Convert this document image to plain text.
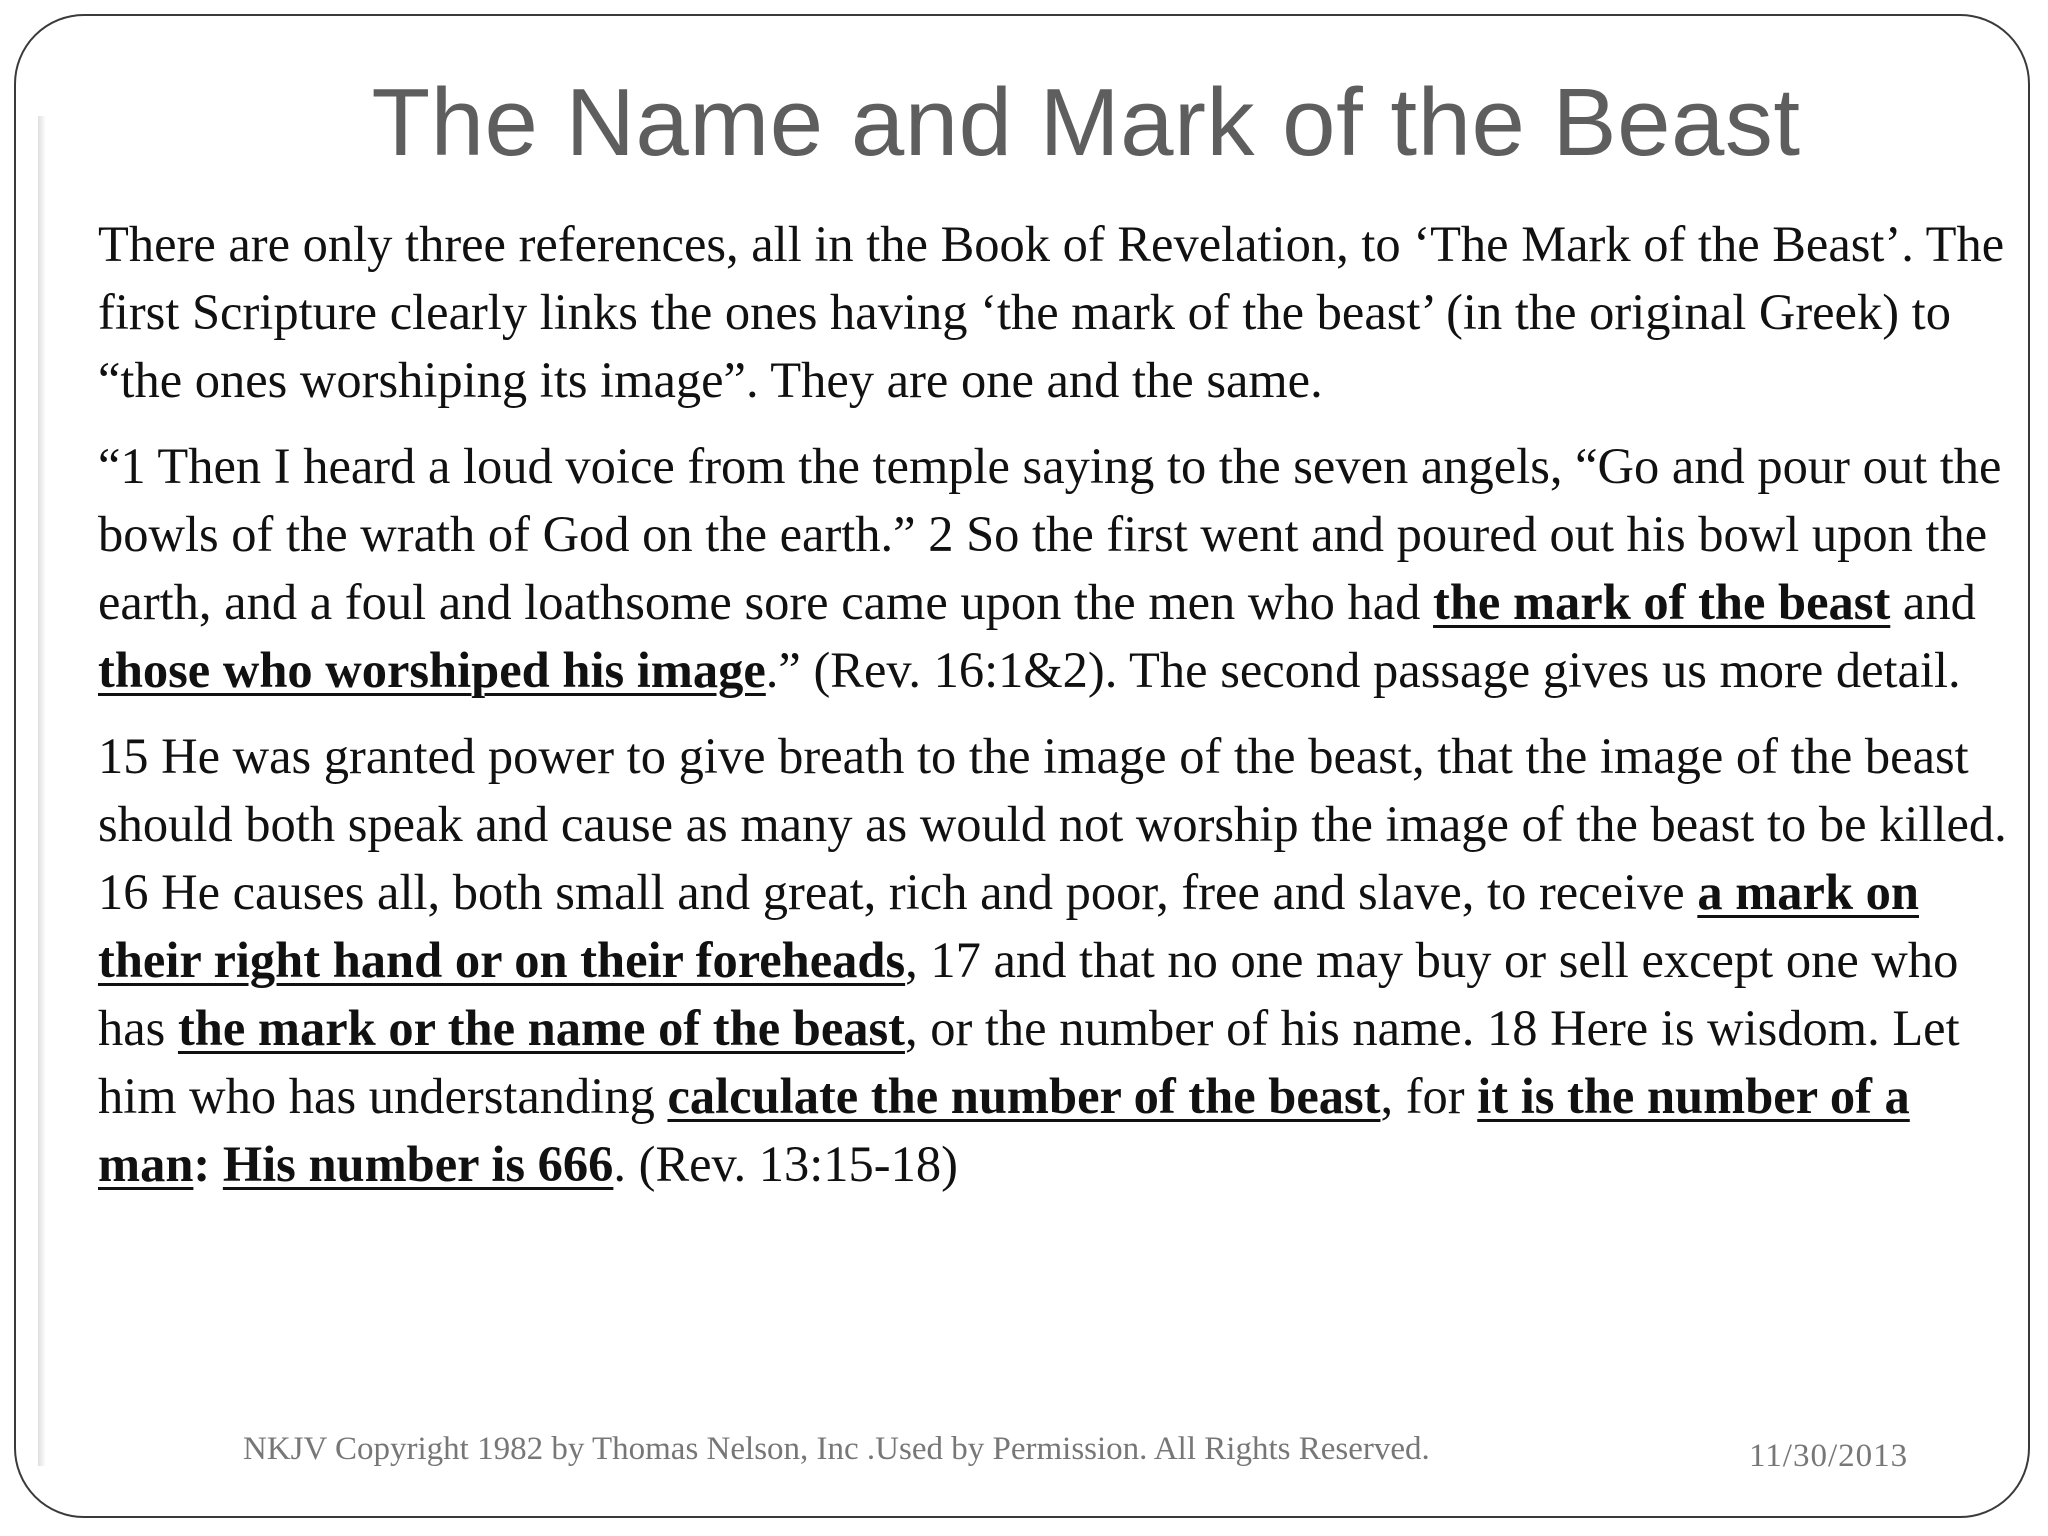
The Name and Mark of the Beast

There are only three references, all in the Book of Revelation, to ‘The Mark of the Beast’. The first Scripture clearly links the ones having ‘the mark of the beast’ (in the original Greek) to “the ones worshiping its image”. They are one and the same.

“1 Then I heard a loud voice from the temple saying to the seven angels, “Go and pour out the bowls of the wrath of God on the earth.” 2 So the first went and poured out his bowl upon the earth, and a foul and loathsome sore came upon the men who had the mark of the beast and those who worshiped his image.” (Rev. 16:1&2). The second passage gives us more detail.

15 He was granted power to give breath to the image of the beast, that the image of the beast should both speak and cause as many as would not worship the image of the beast to be killed. 16 He causes all, both small and great, rich and poor, free and slave, to receive a mark on their right hand or on their foreheads, 17 and that no one may buy or sell except one who has the mark or the name of the beast, or the number of his name. 18 Here is wisdom. Let him who has understanding calculate the number of the beast, for it is the number of a man: His number is 666. (Rev. 13:15-18)

NKJV Copyright 1982 by Thomas Nelson, Inc .Used by Permission. All Rights Reserved.	11/30/2013
